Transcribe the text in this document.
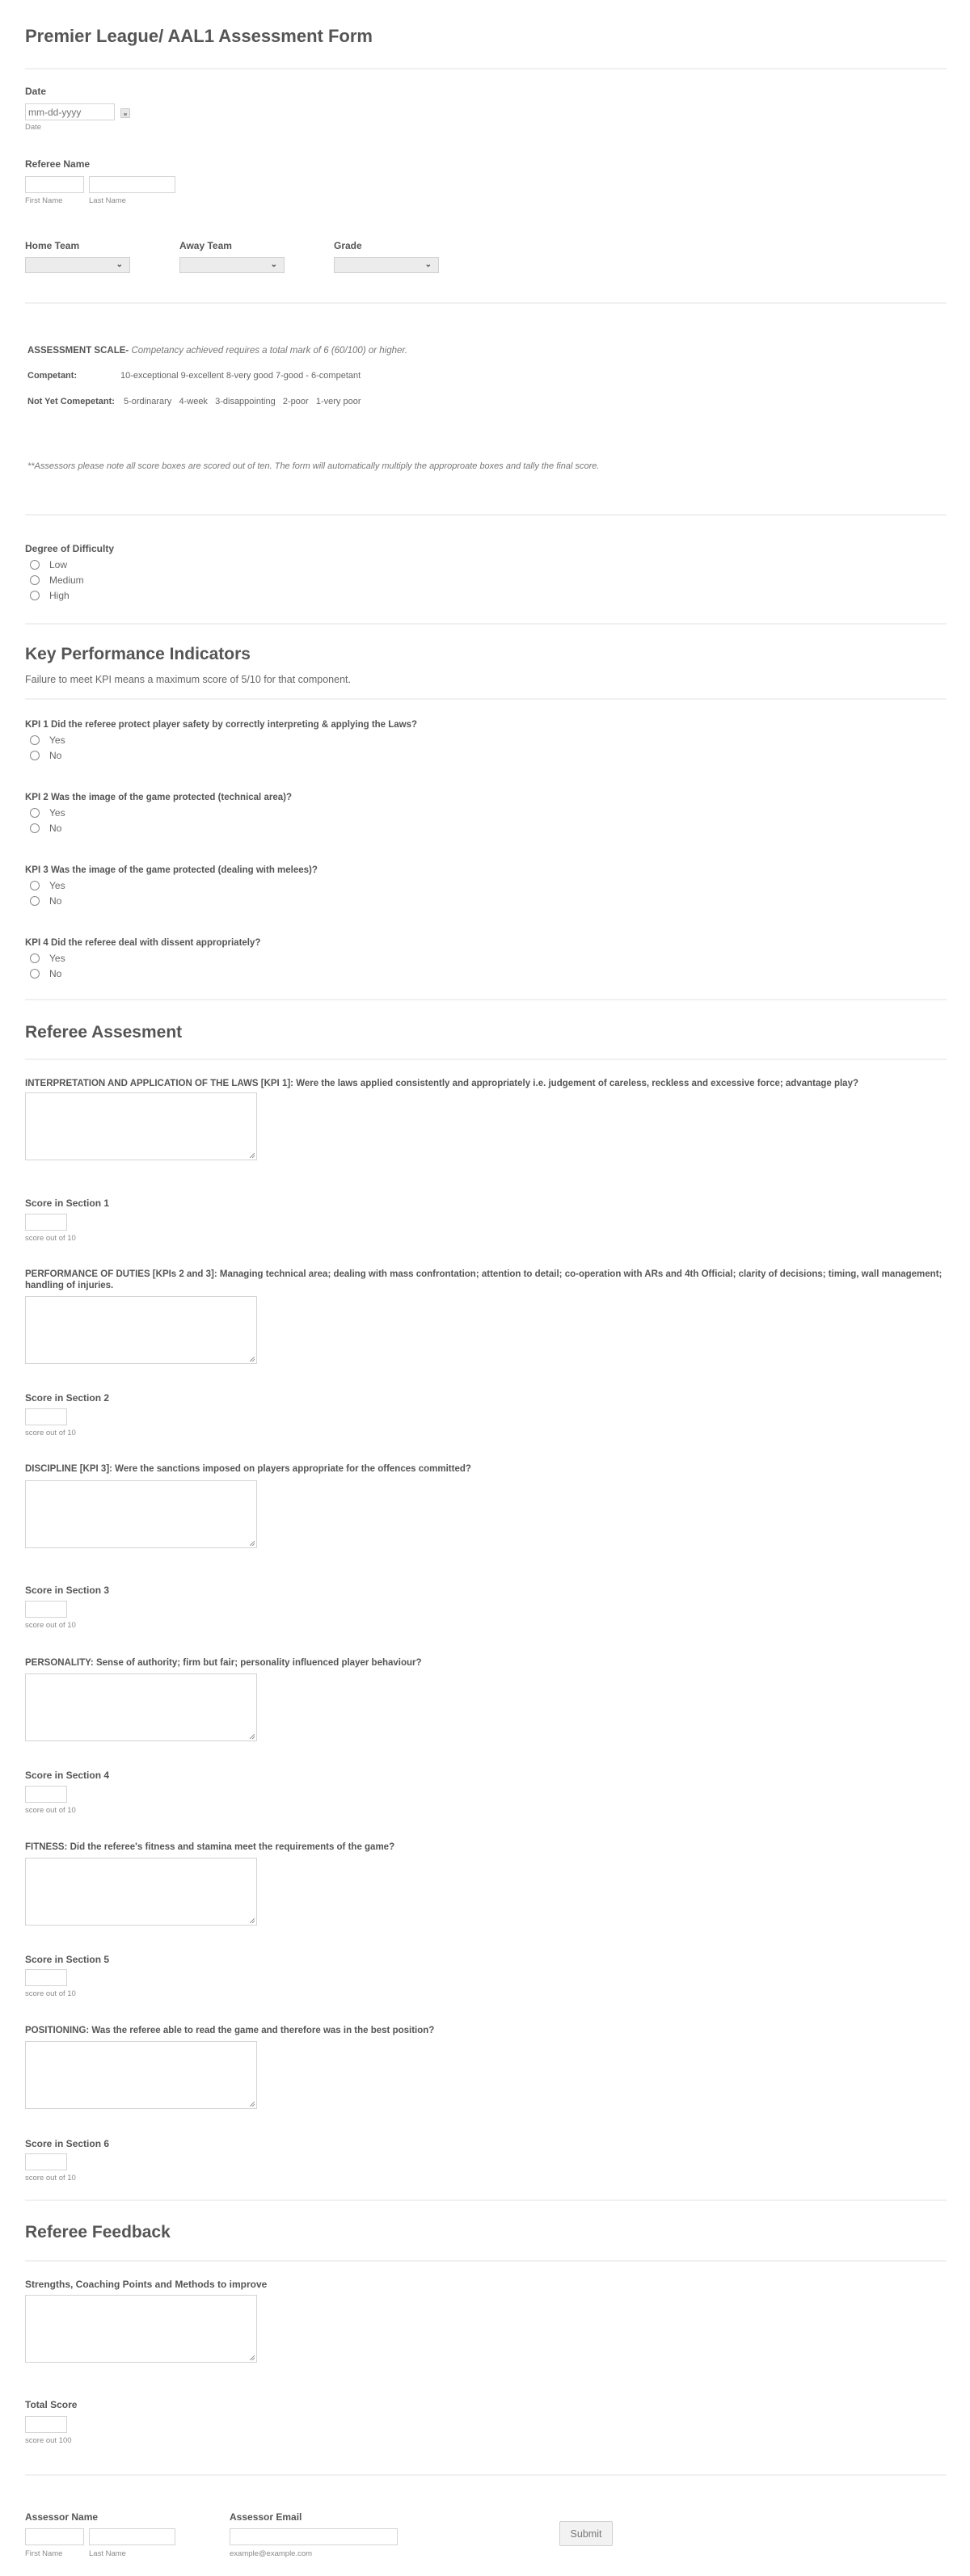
Premier League/ AAL1 Assessment Form
Date
mm-dd-yyyy
Date
Referee Name
First Name	Last Name
Home Team
⌄
Away Team
⌄
Grade
⌄
ASSESSMENT SCALE- Competancy achieved requires a total mark of 6 (60/100) or higher.
Competant:	10-exceptional 9-excellent 8-very good 7-good - 6-competant
Not Yet Comepetant: 5-ordinarary   4-week   3-disappointing   2-poor   1-very poor
**Assessors please note all score boxes are scored out of ten. The form will automatically multiply the approproate boxes and tally the final score.
Degree of Difficulty
Low
Medium
High
Key Performance Indicators
Failure to meet KPI means a maximum score of 5/10 for that component.
KPI 1 Did the referee protect player safety by correctly interpreting & applying the Laws?
Yes
No
KPI 2 Was the image of the game protected (technical area)?
Yes
No
KPI 3 Was the image of the game protected (dealing with melees)?
Yes
No
KPI 4 Did the referee deal with dissent appropriately?
Yes
No
Referee Assesment
INTERPRETATION AND APPLICATION OF THE LAWS [KPI 1]: Were the laws applied consistently and appropriately i.e. judgement of careless, reckless and excessive force; advantage play?
Score in Section 1
score out of 10
PERFORMANCE OF DUTIES [KPIs 2 and 3]: Managing technical area; dealing with mass confrontation; attention to detail; co-operation with ARs and 4th Official; clarity of decisions; timing, wall management; handling of injuries.
Score in Section 2
score out of 10
DISCIPLINE [KPI 3]: Were the sanctions imposed on players appropriate for the offences committed?
Score in Section 3
score out of 10
PERSONALITY: Sense of authority; firm but fair; personality influenced player behaviour?
Score in Section 4
score out of 10
FITNESS: Did the referee's fitness and stamina meet the requirements of the game?
Score in Section 5
score out of 10
POSITIONING: Was the referee able to read the game and therefore was in the best position?
Score in Section 6
score out of 10
Referee Feedback
Strengths, Coaching Points and Methods to improve
Total Score
score out 100
Assessor Name
First Name	Last Name
Assessor Email
example@example.com
Submit
